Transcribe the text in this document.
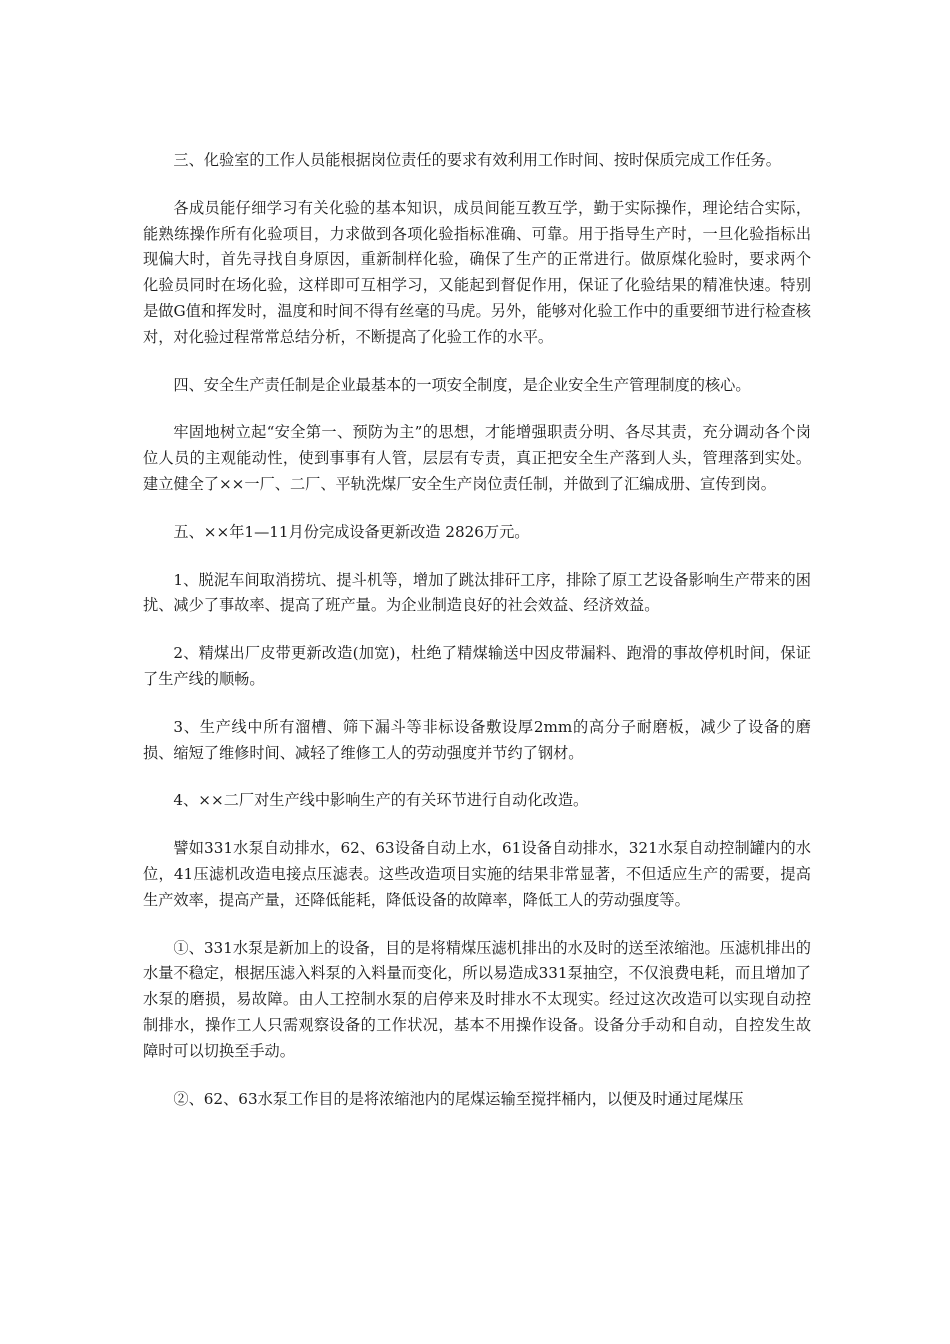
三、化验室的工作人员能根据岗位责任的要求有效利用工作时间、按时保质完成工作任务。

各成员能仔细学习有关化验的基本知识，成员间能互教互学，勤于实际操作，理论结合实际，能熟练操作所有化验项目，力求做到各项化验指标准确、可靠。用于指导生产时，一旦化验指标出现偏大时，首先寻找自身原因，重新制样化验，确保了生产的正常进行。做原煤化验时，要求两个化验员同时在场化验，这样即可互相学习，又能起到督促作用，保证了化验结果的精准快速。特别是做G值和挥发时，温度和时间不得有丝毫的马虎。另外，能够对化验工作中的重要细节进行检查核对，对化验过程常常总结分析，不断提高了化验工作的水平。

四、安全生产责任制是企业最基本的一项安全制度，是企业安全生产管理制度的核心。

牢固地树立起“安全第一、预防为主”的思想，才能增强职责分明、各尽其责，充分调动各个岗位人员的主观能动性，使到事事有人管，层层有专责，真正把安全生产落到人头，管理落到实处。建立健全了××一厂、二厂、平轨洗煤厂安全生产岗位责任制，并做到了汇编成册、宣传到岗。

五、××年1—11月份完成设备更新改造 2826万元。

1、脱泥车间取消捞坑、提斗机等，增加了跳汰排矸工序，排除了原工艺设备影响生产带来的困扰、减少了事故率、提高了班产量。为企业制造良好的社会效益、经济效益。

2、精煤出厂皮带更新改造(加宽)，杜绝了精煤输送中因皮带漏料、跑滑的事故停机时间，保证了生产线的顺畅。

3、生产线中所有溜槽、筛下漏斗等非标设备敷设厚2mm的高分子耐磨板，减少了设备的磨损、缩短了维修时间、减轻了维修工人的劳动强度并节约了钢材。

4、××二厂对生产线中影响生产的有关环节进行自动化改造。

譬如331水泵自动排水，62、63设备自动上水，61设备自动排水，321水泵自动控制罐内的水位，41压滤机改造电接点压滤表。这些改造项目实施的结果非常显著，不但适应生产的需要，提高生产效率，提高产量，还降低能耗，降低设备的故障率，降低工人的劳动强度等。

①、331水泵是新加上的设备，目的是将精煤压滤机排出的水及时的送至浓缩池。压滤机排出的水量不稳定，根据压滤入料泵的入料量而变化，所以易造成331泵抽空，不仅浪费电耗，而且增加了水泵的磨损，易故障。由人工控制水泵的启停来及时排水不太现实。经过这次改造可以实现自动控制排水，操作工人只需观察设备的工作状况，基本不用操作设备。设备分手动和自动，自控发生故障时可以切换至手动。

②、62、63水泵工作目的是将浓缩池内的尾煤运输至搅拌桶内，以便及时通过尾煤压
